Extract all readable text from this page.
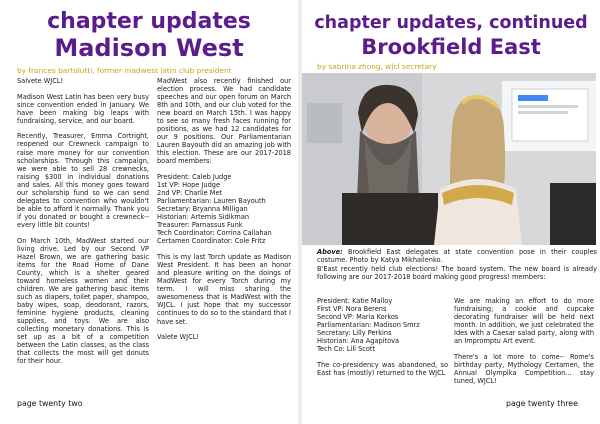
chapter updates
Madison West
by frances bartolutti, former madwest latin club president

Salvete WJCL!

Madison West Latin has been very busy since convention ended in January. We have been making big leaps with fundraising, service, and our board.

Recently, Treasurer, Emma Cortright, reopened our Crewneck campaign to raise more money for our convention scholarships. Through this campaign, we were able to sell 28 crewnecks, raising $300 in individual donations and sales. All this money goes toward our scholarship fund so we can send delegates to convention who wouldn't be able to afford it normally. Thank you if you donated or bought a crewneck-- every little bit counts!

On March 10th, MadWest started our living drive. Led by our Second VP Hazel Brown, we are gathering basic items for the Road Home of Dane County, which is a shelter geared toward homeless women and their children. We are gathering basic items such as diapers, toilet paper, shampoo, baby wipes, soap, deodorant, razors, feminine hygiene products, cleaning supplies, and toys. We are also collecting monetary donations. This is set up as a bit of a competition between the Latin classes, as the class that collects the most will get donuts for their hour.

MadWest also recently finished our election process. We had candidate speeches and our open forum on March 8th and 10th, and our club voted for the new board on March 15th. I was happy to see so many fresh faces running for positions, as we had 12 candidates for our 9 positions. Our Parliamentarian Lauren Bayouth did an amazing job with this election. These are our 2017-2018 board members:

President: Caleb Judge
1st VP: Hope Judge
2nd VP: Charlie Met
Parliamentarian: Lauren Bayouth
Secretary: Bryanna Milligan
Historian: Artemis Sidikman
Treasurer: Parnassus Funk
Tech Coordinator: Corrina Callahan
Certamen Coordinator: Cole Fritz

This is my last Torch update as Madison West President. It has been an honor and pleasure writing on the doings of MadWest for every Torch during my term. I will miss sharing the awesomeness that is MadWest with the WJCL. I just hope that my successor continues to do so to the standard that I have set.

Valete WJCL!

page twenty two
chapter updates, continued
Brookfield East
by sabrina zhong, wjcl secretary

Above: Brookfield East delegates at state convention pose in their couples costume. Photo by Katya Mikhailenko.

B'East recently held club elections! The board system. The new board is already following are our 2017-2018 board making good progress! members:

President: Katie Malloy
First VP: Nora Berens
Second VP: Maria Korkos
Parliamentarian: Madison Smrz
Secretary: Lilly Perkins
Historian: Ana Agapitova
Tech Co: Lili Scott

The co-presidency was abandoned, so East has (mostly) returned to the WJCL

We are making an effort to do more fundraising; a cookie and cupcake decorating fundraiser will be held next month. In addition, we just celebrated the Ides with a Caesar salad party, along with an Impromptu Art event.

There's a lot more to come-- Rome's birthday party, Mythology Certamen, the Annual Olympika Competition... stay tuned, WJCL!

page twenty three
